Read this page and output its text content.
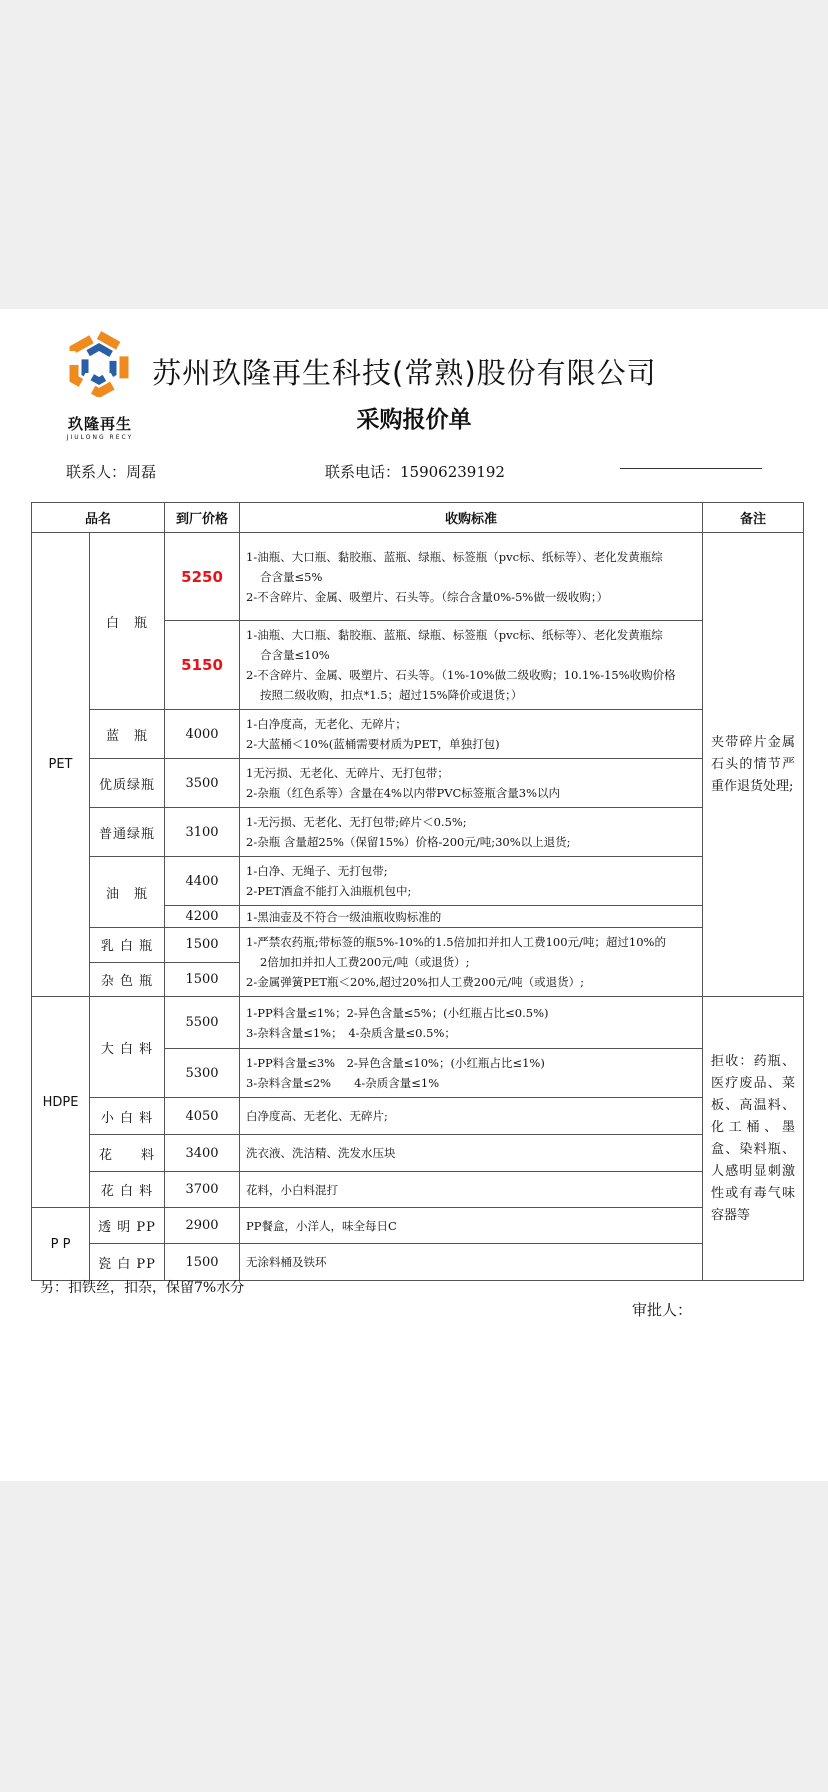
玖隆再生
JIULONG RECY
苏州玖隆再生科技(常熟)股份有限公司
采购报价单
联系人：周磊	联系电话：15906239192
品名		到厂价格	收购标准	备注
PET	白　瓶	5250	1-油瓶、大口瓶、黏胶瓶、蓝瓶、绿瓶、标签瓶（pvc标、纸标等）、老化发黄瓶综
合含量≤5%
2-不含碎片、金属、吸塑片、石头等。（综合含量0%-5%做一级收购；）	夹带碎片金属石头的情节严重作退货处理;
		5150	1-油瓶、大口瓶、黏胶瓶、蓝瓶、绿瓶、标签瓶（pvc标、纸标等）、老化发黄瓶综
合含量≤10%
2-不含碎片、金属、吸塑片、石头等。（1%-10%做二级收购；10.1%-15%收购价格
按照二级收购，扣点*1.5；超过15%降价或退货；）	

	蓝　瓶	4000	1-白净度高，无老化、无碎片；
2-大蓝桶＜10%(蓝桶需要材质为PET，单独打包)	

	优质绿瓶	3500	1无污损、无老化、无碎片、无打包带；
2-杂瓶（红色系等）含量在4%以内带PVC标签瓶含量3%以内	

	普通绿瓶	3100	1-无污损、无老化、无打包带;碎片＜0.5%;
2-杂瓶 含量超25%（保留15%）价格-200元/吨;30%以上退货;	

	油　瓶	4400	1-白净、无绳子、无打包带;
2-PET酒盒不能打入油瓶机包中;	

		4200	1-黑油壶及不符合一级油瓶收购标准的	
	乳 白 瓶	1500	1-严禁农药瓶;带标签的瓶5%-10%的1.5倍加扣并扣人工费100元/吨；超过10%的
2倍加扣并扣人工费200元/吨（或退货）;
2-金属弹簧PET瓶＜20%,超过20%扣人工费200元/吨（或退货）;	

	杂 色 瓶	1500		

HDPE	大 白 料	5500	1-PP料含量≤1%；2-异色含量≤5%；(小红瓶占比≤0.5%)
3-杂料含量≤1%；　4-杂质含量≤0.5%；	拒收：药瓶、医疗废品、菜板、高温料、化工桶、墨盒、染料瓶、人感明显刺激性或有毒气味容器等
		5300	1-PP料含量≤3%　2-异色含量≤10%；(小红瓶占比≤1%)
3-杂料含量≤2%　　4-杂质含量≤1%	

	小 白 料	4050	白净度高、无老化、无碎片;	
	花　　料	3400	洗衣液、洗洁精、洗发水压块	
	花 白 料	3700	花料，小白料混打	

P P	透 明 PP	2900	PP餐盒，小洋人，味全每日C	
	瓷 白 PP	1500	无涂料桶及铁环	
另：扣铁丝，扣杂，保留7%水分
审批人：
